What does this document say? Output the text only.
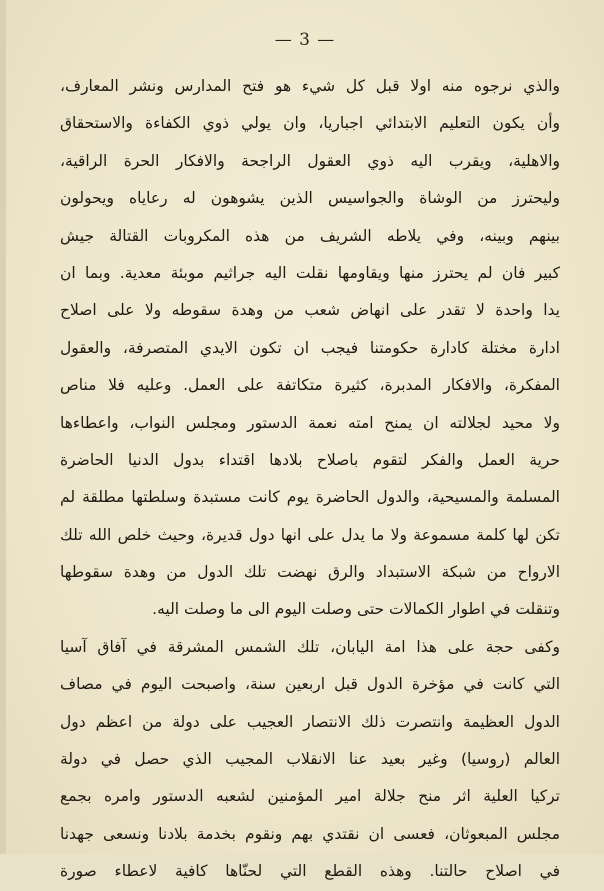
— 3 —
والذي نرجوه منه اولا قبل كل شيء هو فتح المدارس ونشر المعارف،
وأن يكون التعليم الابتدائي اجباريا، وان يولي ذوي الكفاءة والاستحقاق
والاهلية، ويقرب اليه ذوي العقول الراجحة والافكار الحرة الراقية،
وليحترز من الوشاة والجواسيس الذين يشوهون له رعاياه ويحولون
بينهم وبينه، وفي يلاطه الشريف من هذه المكروبات القتالة جيش
كبير فان لم يحترز منها ويقاومها نقلت اليه جراثيم موبئة معدية. وبما ان
يدا واحدة لا تقدر على انهاض شعب من وهدة سقوطه ولا على اصلاح
ادارة مختلة كادارة حكومتنا فيجب ان تكون الايدي المتصرفة، والعقول
المفكرة، والافكار المدبرة، كثيرة متكاتفة على العمل. وعليه فلا مناص
ولا محيد لجلالته ان يمنح امته نعمة الدستور ومجلس النواب، واعطاءها
حرية العمل والفكر لتقوم باصلاح بلادها اقتداء بدول الدنيا الحاضرة
المسلمة والمسيحية، والدول الحاضرة يوم كانت مستبدة وسلطتها مطلقة لم
تكن لها كلمة مسموعة ولا ما يدل على انها دول قديرة، وحيث خلص الله تلك
الارواح من شبكة الاستبداد والرق نهضت تلك الدول من وهدة سقوطها
وتنقلت في اطوار الكمالات حتى وصلت اليوم الى ما وصلت اليه.
وكفى حجة على هذا امة اليابان، تلك الشمس المشرقة في آفاق آسيا
التي كانت في مؤخرة الدول قبل اربعين سنة، واصبحت اليوم في مصاف
الدول العظيمة وانتصرت ذلك الانتصار العجيب على دولة من اعظم دول
العالم (روسيا) وغير بعيد عنا الانقلاب المجيب الذي حصل في دولة
تركيا العلية اثر منح جلالة امير المؤمنين لشعبه الدستور وامره بجمع
مجلس المبعوثان، فعسى ان نقتدي بهم ونقوم بخدمة بلادنا ونسعى جهدنا
في اصلاح حالتنا. وهذه القطع التي لحنّاها كافية لاعطاء صورة
